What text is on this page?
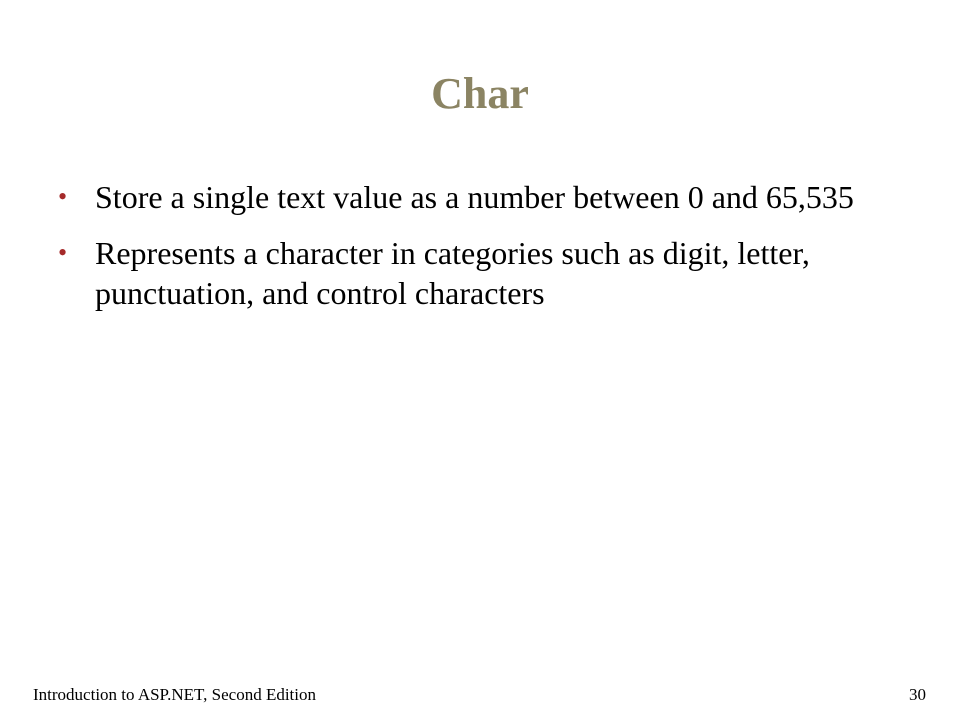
Char
• Store a single text value as a number between 0 and 65,535
• Represents a character in categories such as digit, letter, punctuation, and control characters
Introduction to ASP.NET, Second Edition	30
